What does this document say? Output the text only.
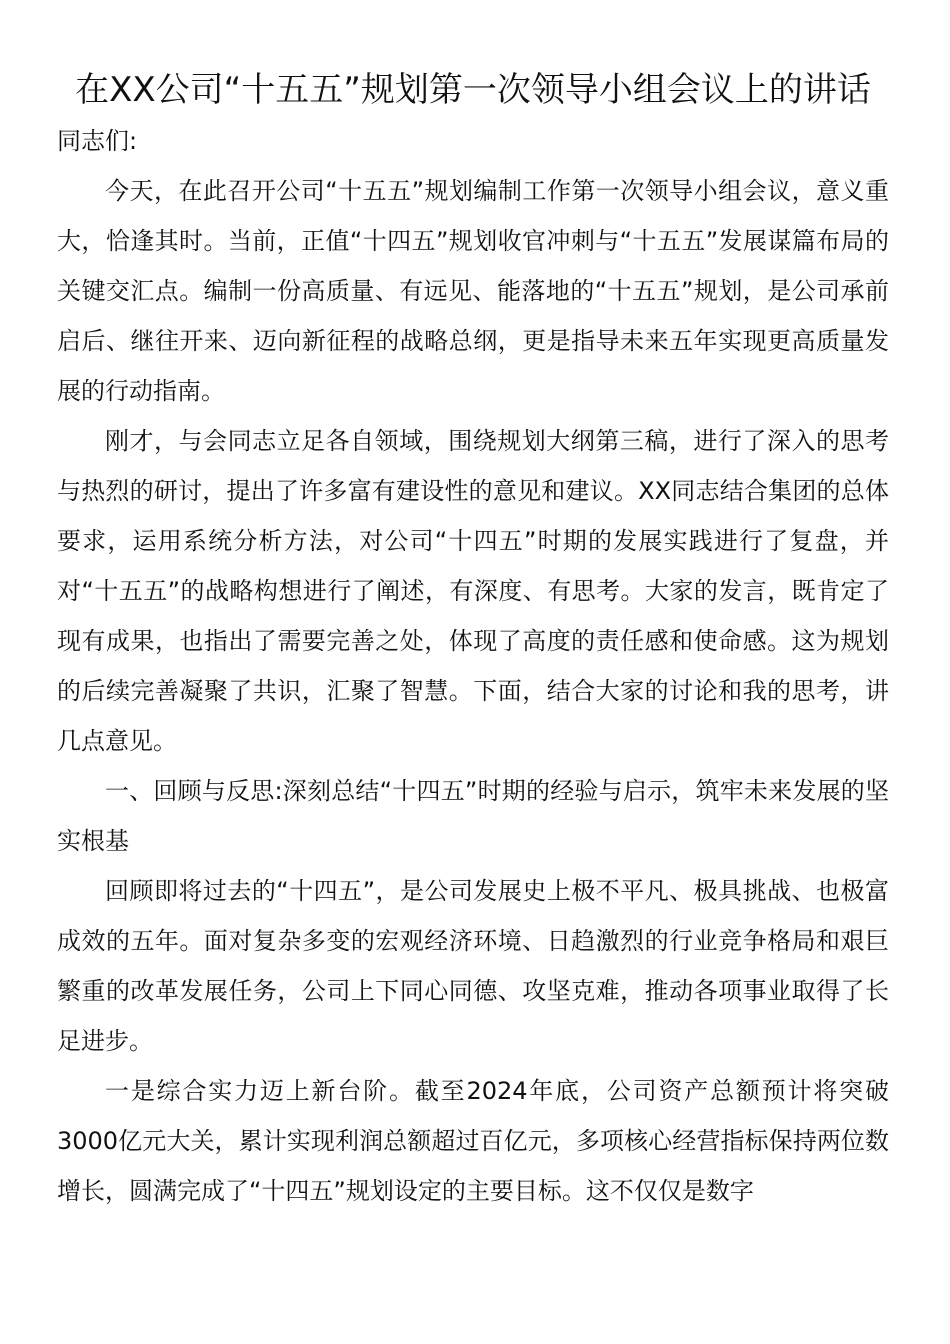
在XX公司“十五五”规划第一次领导小组会议上的讲话

同志们:

今天，在此召开公司“十五五”规划编制工作第一次领导小组会议，意义重大，恰逢其时。当前，正值“十四五”规划收官冲刺与“十五五”发展谋篇布局的关键交汇点。编制一份高质量、有远见、能落地的“十五五”规划，是公司承前启后、继往开来、迈向新征程的战略总纲，更是指导未来五年实现更高质量发展的行动指南。

刚才，与会同志立足各自领域，围绕规划大纲第三稿，进行了深入的思考与热烈的研讨，提出了许多富有建设性的意见和建议。XX同志结合集团的总体要求，运用系统分析方法，对公司“十四五”时期的发展实践进行了复盘，并对“十五五”的战略构想进行了阐述，有深度、有思考。大家的发言，既肯定了现有成果，也指出了需要完善之处，体现了高度的责任感和使命感。这为规划的后续完善凝聚了共识，汇聚了智慧。下面，结合大家的讨论和我的思考，讲几点意见。

一、回顾与反思:深刻总结“十四五”时期的经验与启示，筑牢未来发展的坚实根基

回顾即将过去的“十四五”，是公司发展史上极不平凡、极具挑战、也极富成效的五年。面对复杂多变的宏观经济环境、日趋激烈的行业竞争格局和艰巨繁重的改革发展任务，公司上下同心同德、攻坚克难，推动各项事业取得了长足进步。

一是综合实力迈上新台阶。截至2024年底，公司资产总额预计将突破3000亿元大关，累计实现利润总额超过百亿元，多项核心经营指标保持两位数增长，圆满完成了“十四五”规划设定的主要目标。这不仅仅是数字
